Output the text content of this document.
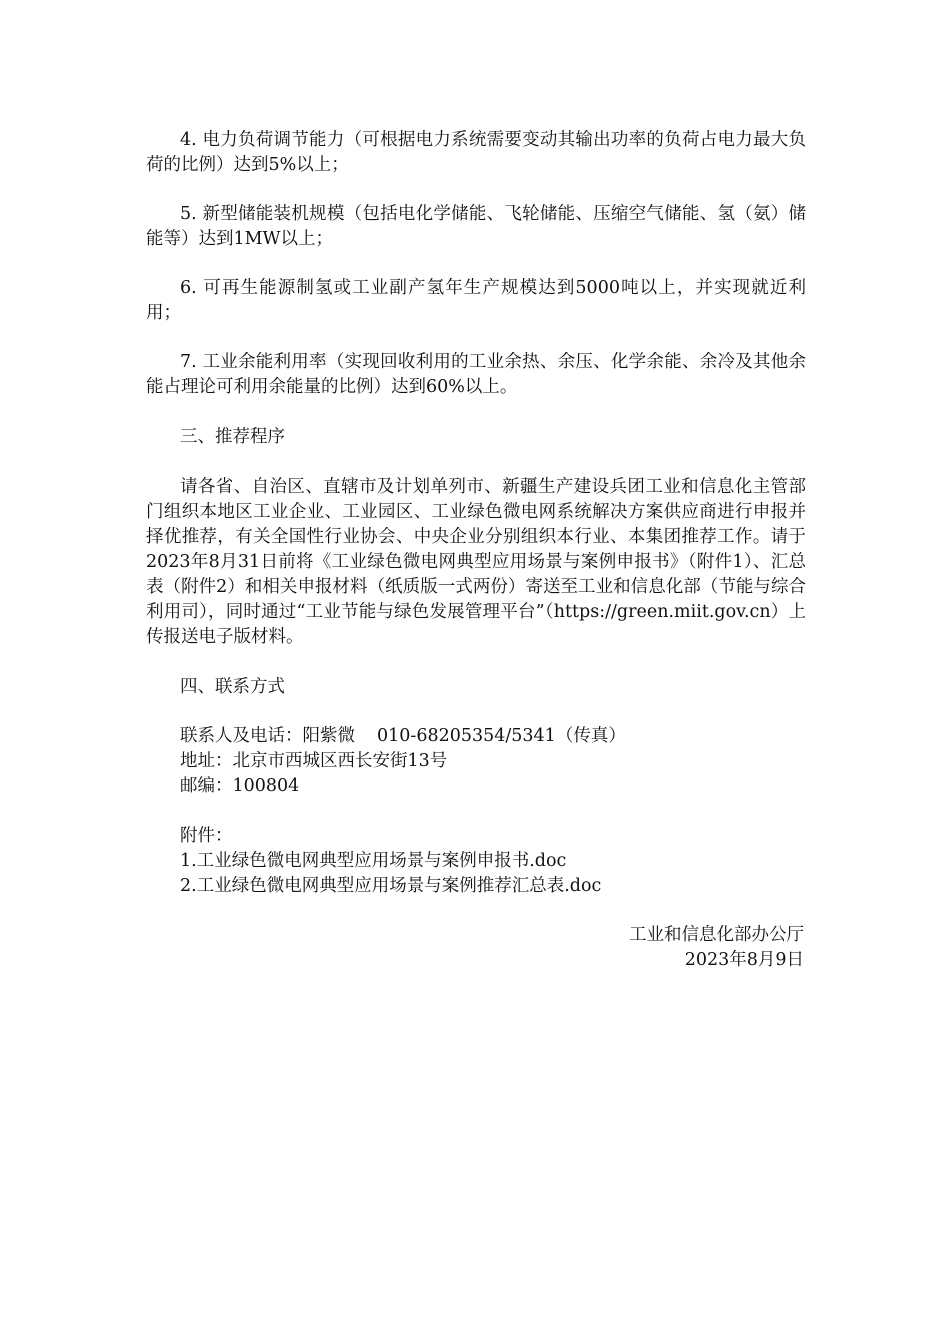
4. 电力负荷调节能力（可根据电力系统需要变动其输出功率的负荷占电力最大负荷的比例）达到5%以上；

5. 新型储能装机规模（包括电化学储能、飞轮储能、压缩空气储能、氢（氨）储能等）达到1MW以上；

6. 可再生能源制氢或工业副产氢年生产规模达到5000吨以上，并实现就近利用；

7. 工业余能利用率（实现回收利用的工业余热、余压、化学余能、余冷及其他余能占理论可利用余能量的比例）达到60%以上。

三、推荐程序

请各省、自治区、直辖市及计划单列市、新疆生产建设兵团工业和信息化主管部门组织本地区工业企业、工业园区、工业绿色微电网系统解决方案供应商进行申报并择优推荐，有关全国性行业协会、中央企业分别组织本行业、本集团推荐工作。请于2023年8月31日前将《工业绿色微电网典型应用场景与案例申报书》（附件1）、汇总表（附件2）和相关申报材料（纸质版一式两份）寄送至工业和信息化部（节能与综合利用司），同时通过“工业节能与绿色发展管理平台”（https://green.miit.gov.cn）上传报送电子版材料。

四、联系方式

联系人及电话：阳紫微 010-68205354/5341（传真）

地址：北京市西城区西长安街13号

邮编：100804

附件：

1.工业绿色微电网典型应用场景与案例申报书.doc

2.工业绿色微电网典型应用场景与案例推荐汇总表.doc

工业和信息化部办公厅

2023年8月9日
